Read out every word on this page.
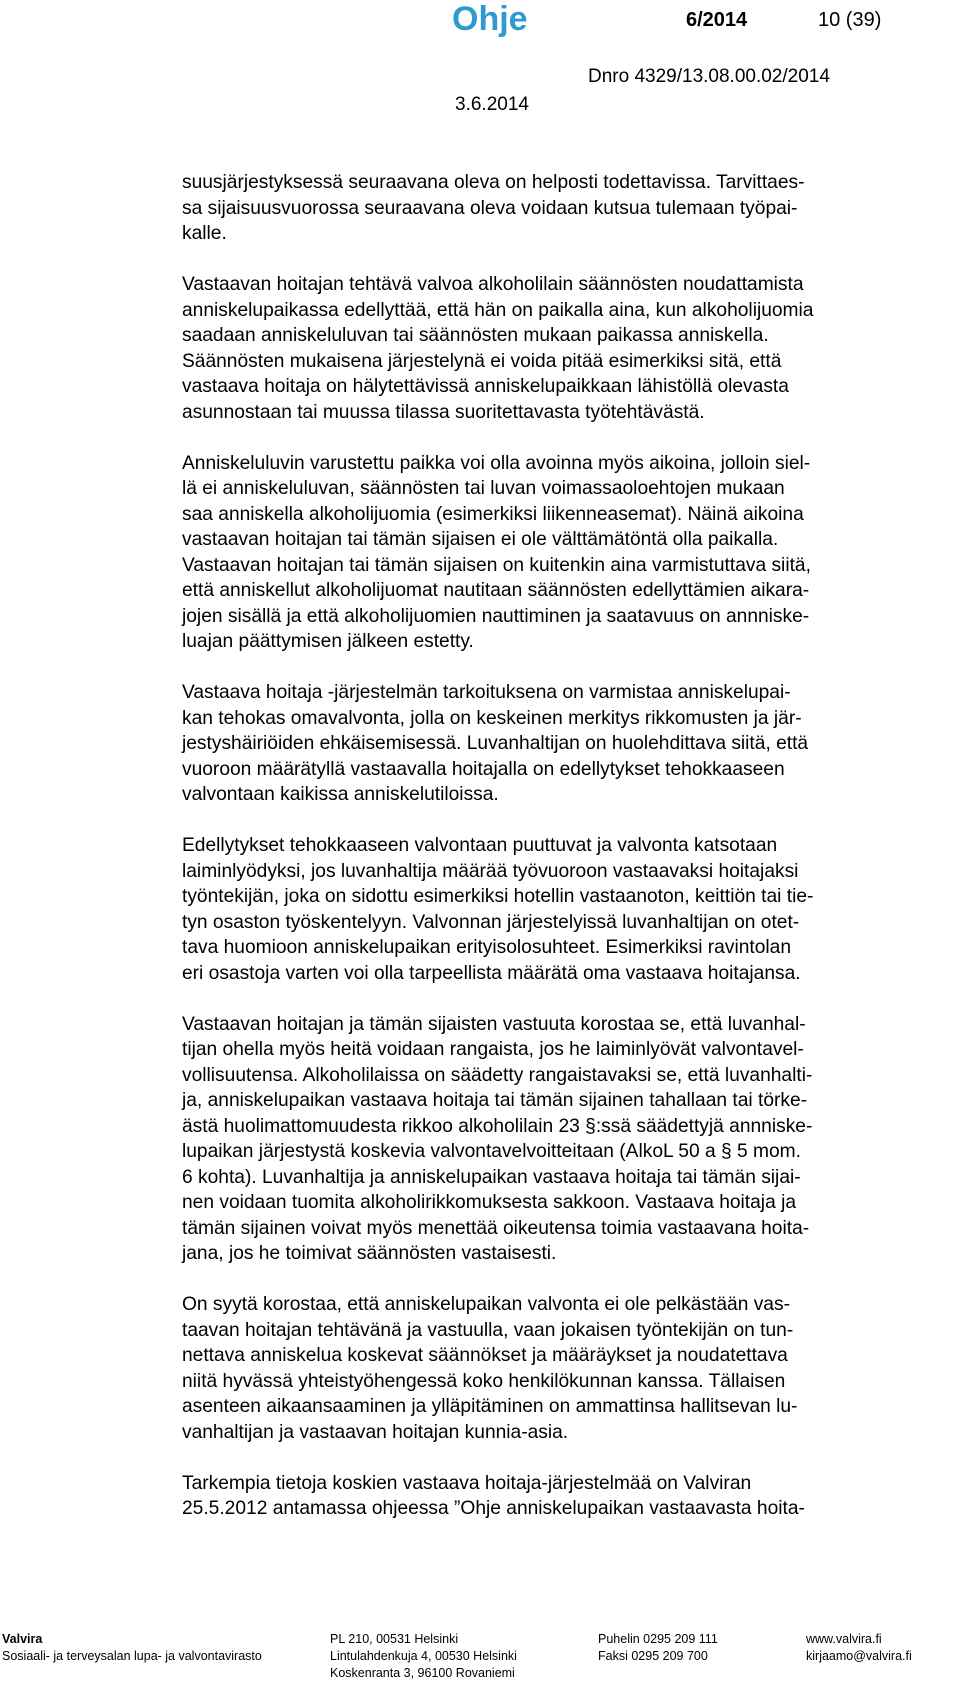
Ohje	6/2014	10 (39)
Dnro 4329/13.08.00.02/2014
3.6.2014

suusjärjestyksessä seuraavana oleva on helposti todettavissa. Tarvittaes-
sa sijaisuusvuorossa seuraavana oleva voidaan kutsua tulemaan työpai-
kalle.

Vastaavan hoitajan tehtävä valvoa alkoholilain säännösten noudattamista
anniskelupaikassa edellyttää, että hän on paikalla aina, kun alkoholijuomia
saadaan anniskeluluvan tai säännösten mukaan paikassa anniskella.
Säännösten mukaisena järjestelynä ei voida pitää esimerkiksi sitä, että
vastaava hoitaja on hälytettävissä anniskelupaikkaan lähistöllä olevasta
asunnostaan tai muussa tilassa suoritettavasta työtehtävästä.

Anniskeluluvin varustettu paikka voi olla avoinna myös aikoina, jolloin siel-
lä ei anniskeluluvan, säännösten tai luvan voimassaoloehtojen mukaan
saa anniskella alkoholijuomia (esimerkiksi liikenneasemat). Näinä aikoina
vastaavan hoitajan tai tämän sijaisen ei ole välttämätöntä olla paikalla.
Vastaavan hoitajan tai tämän sijaisen on kuitenkin aina varmistuttava siitä,
että anniskellut alkoholijuomat nautitaan säännösten edellyttämien aikara-
jojen sisällä ja että alkoholijuomien nauttiminen ja saatavuus on annniske-
luajan päättymisen jälkeen estetty.

Vastaava hoitaja -järjestelmän tarkoituksena on varmistaa anniskelupai-
kan tehokas omavalvonta, jolla on keskeinen merkitys rikkomusten ja jär-
jestyshäiriöiden ehkäisemisessä. Luvanhaltijan on huolehdittava siitä, että
vuoroon määrätyllä vastaavalla hoitajalla on edellytykset tehokkaaseen
valvontaan kaikissa anniskelutiloissa.

Edellytykset tehokkaaseen valvontaan puuttuvat ja valvonta katsotaan
laiminlyödyksi, jos luvanhaltija määrää työvuoroon vastaavaksi hoitajaksi
työntekijän, joka on sidottu esimerkiksi hotellin vastaanoton, keittiön tai tie-
tyn osaston työskentelyyn. Valvonnan järjestelyissä luvanhaltijan on otet-
tava huomioon anniskelupaikan erityisolosuhteet. Esimerkiksi ravintolan
eri osastoja varten voi olla tarpeellista määrätä oma vastaava hoitajansa.

Vastaavan hoitajan ja tämän sijaisten vastuuta korostaa se, että luvanhal-
tijan ohella myös heitä voidaan rangaista, jos he laiminlyövät valvontavel-
vollisuutensa. Alkoholilaissa on säädetty rangaistavaksi se, että luvanhalti-
ja, anniskelupaikan vastaava hoitaja tai tämän sijainen tahallaan tai törke-
ästä huolimattomuudesta rikkoo alkoholilain 23 §:ssä säädettyjä annniske-
lupaikan järjestystä koskevia valvontavelvoitteitaan (AlkoL 50 a § 5 mom.
6 kohta). Luvanhaltija ja anniskelupaikan vastaava hoitaja tai tämän sijai-
nen voidaan tuomita alkoholirikkomuksesta sakkoon. Vastaava hoitaja ja
tämän sijainen voivat myös menettää oikeutensa toimia vastaavana hoita-
jana, jos he toimivat säännösten vastaisesti.

On syytä korostaa, että anniskelupaikan valvonta ei ole pelkästään vas-
taavan hoitajan tehtävänä ja vastuulla, vaan jokaisen työntekijän on tun-
nettava anniskelua koskevat säännökset ja määräykset ja noudatettava
niitä hyvässä yhteistyöhengessä koko henkilökunnan kanssa. Tällaisen
asenteen aikaansaaminen ja ylläpitäminen on ammattinsa hallitsevan lu-
vanhaltijan ja vastaavan hoitajan kunnia-asia.

Tarkempia tietoja koskien vastaava hoitaja-järjestelmää on Valviran
25.5.2012 antamassa ohjeessa ”Ohje anniskelupaikan vastaavasta hoita-

Valvira
Sosiaali- ja terveysalan lupa- ja valvontavirasto
PL 210, 00531 Helsinki
Lintulahdenkuja 4, 00530 Helsinki
Koskenranta 3, 96100 Rovaniemi
Puhelin 0295 209 111
Faksi 0295 209 700
www.valvira.fi
kirjaamo@valvira.fi
